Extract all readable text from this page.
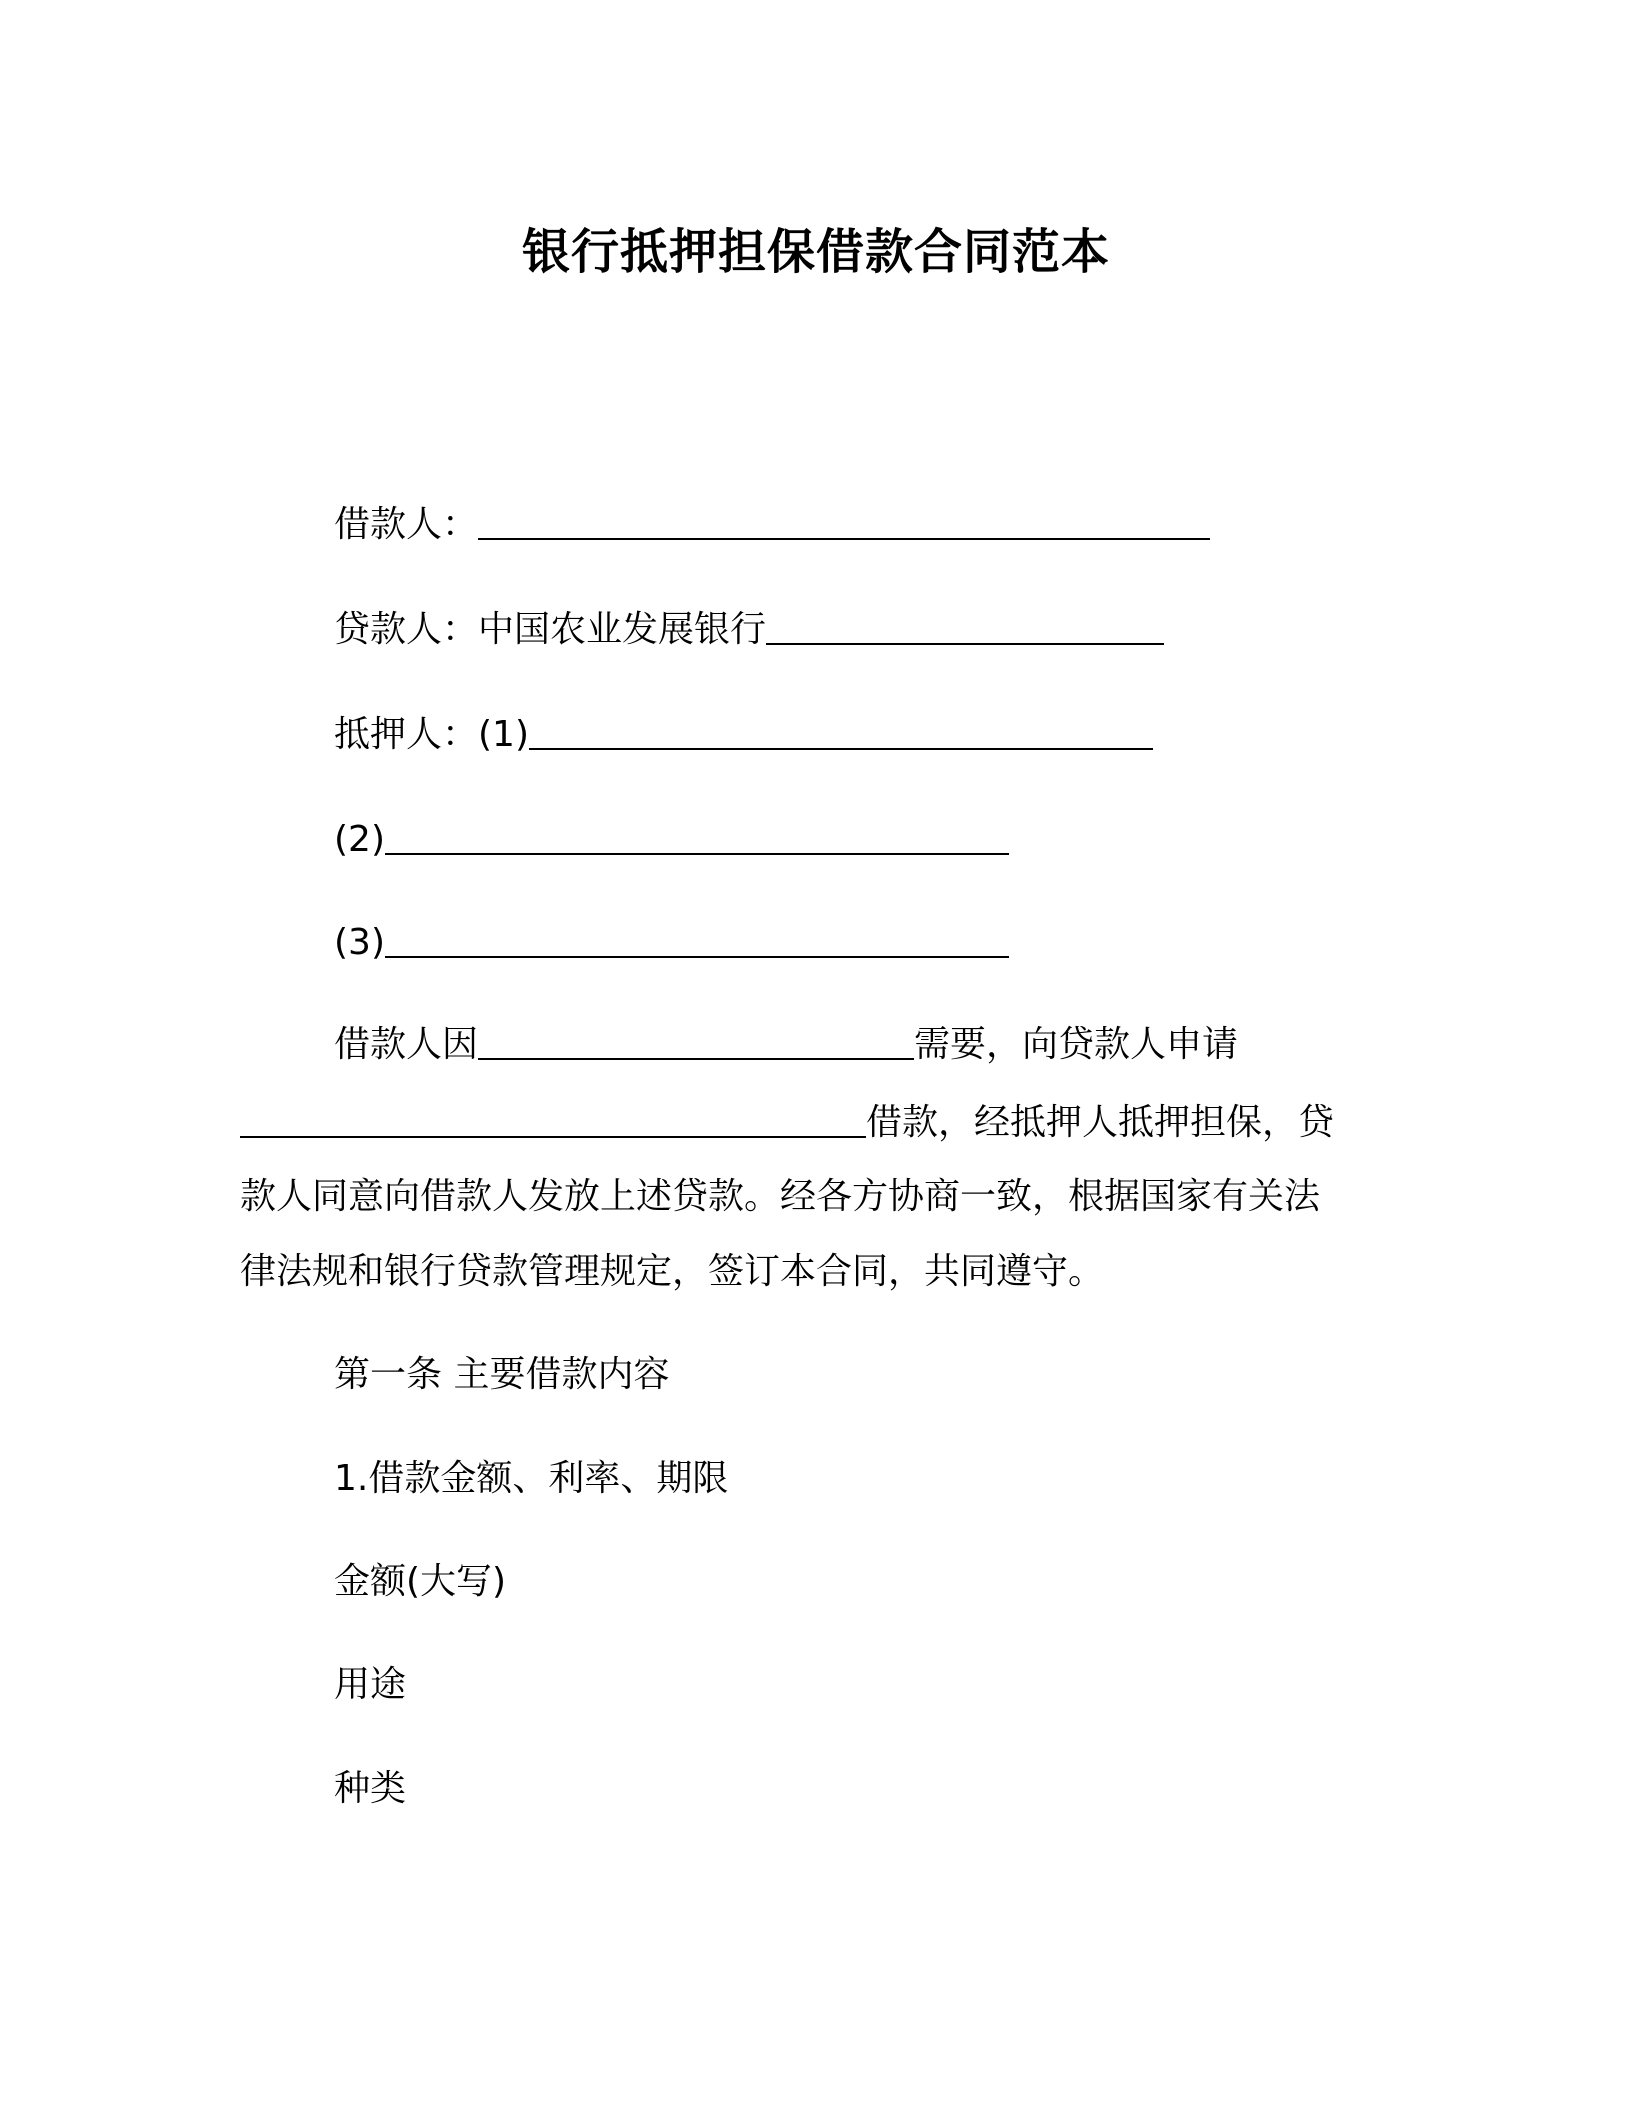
银行抵押担保借款合同范本
借款人：
贷款人：中国农业发展银行
抵押人：(1)
(2)
(3)
借款人因	需要，向贷款人申请
借款，经抵押人抵押担保，贷
款人同意向借款人发放上述贷款。经各方协商一致，根据国家有关法
律法规和银行贷款管理规定，签订本合同，共同遵守。
第一条 主要借款内容
1.借款金额、利率、期限
金额(大写)
用途
种类
